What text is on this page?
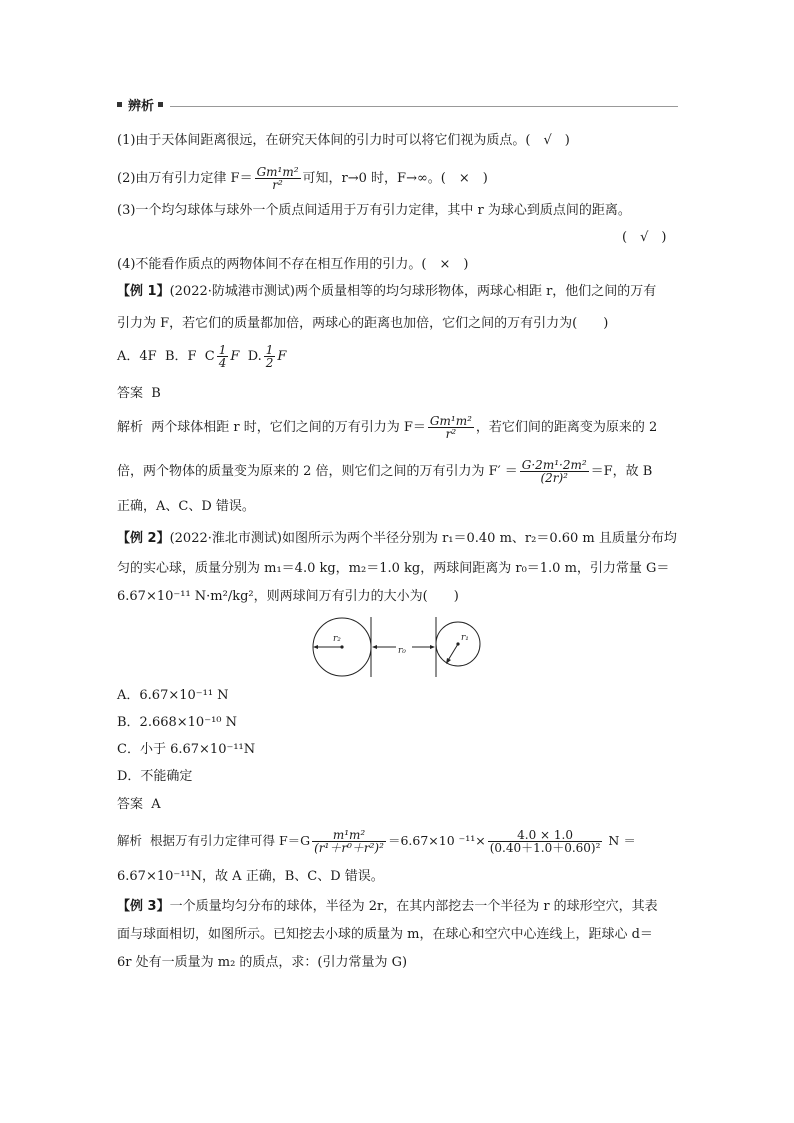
辨析
(1)由于天体间距离很远，在研究天体间的引力时可以将它们视为质点。(　√　)
(2)由万有引力定律 $F= \frac{\text{Gm¹m²}}{\text{r²}}$ 可知，r→0 时，F→∞。(　×　)
(3)一个均匀球体与球外一个质点间适用于万有引力定律，其中 r 为球心到质点间的距离。
(　√　)
(4)不能看作质点的两物体间不存在相互作用的引力。(　×　)
【例 1】(2022·防城港市测试)两个质量相等的均匀球形物体，两球心相距 r，他们之间的万有
引力为 F，若它们的质量都加倍，两球心的距离也加倍，它们之间的万有引力为(　　)
A．4F B．F C $\frac{1}{4}$ F D. $\frac{1}{2}$ F
答案 B
解析 两个球体相距 r 时，它们之间的万有引力为 $F= \frac{\text{Gm¹m²}}{\text{r²}}$ ，若它们间的距离变为原来的 2
倍，两个物体的质量变为原来的 2 倍，则它们之间的万有引力为 $F' = \frac{\text{G·2m¹·2m²}}{\text{(2r)²}} =F$，故 B
正确，A、C、D 错误。
【例 2】(2022·淮北市测试)如图所示为两个半径分别为 r₁＝0.40 m、r₂＝0.60 m 且质量分布均
匀的实心球，质量分别为 m₁＝4.0 kg，m₂＝1.0 kg，两球间距离为 r₀＝1.0 m，引力常量 G＝
6.67×10⁻¹¹ N·m²/kg²，则两球间万有引力的大小为(　　)
r₂
r₀
r₁
A．6.67×10⁻¹¹ N
B．2.668×10⁻¹⁰ N
C．小于 6.67×10⁻¹¹N
D．不能确定
答案 A
解析 根据万有引力定律可得 $F=G \frac{\text{m¹m²}}{\text{(r¹＋r⁰＋r²)²}} =6.67\times 10$ $^{-11}\times \frac{4.0 \times 1.0}{\text{(0.40＋1.0＋0.60)²}}$ N ＝
6.67×10⁻¹¹N，故 A 正确，B、C、D 错误。
【例 3】一个质量均匀分布的球体，半径为 2r，在其内部挖去一个半径为 r 的球形空穴，其表
面与球面相切，如图所示。已知挖去小球的质量为 m，在球心和空穴中心连线上，距球心 d＝
6r 处有一质量为 m₂ 的质点，求：(引力常量为 G)
